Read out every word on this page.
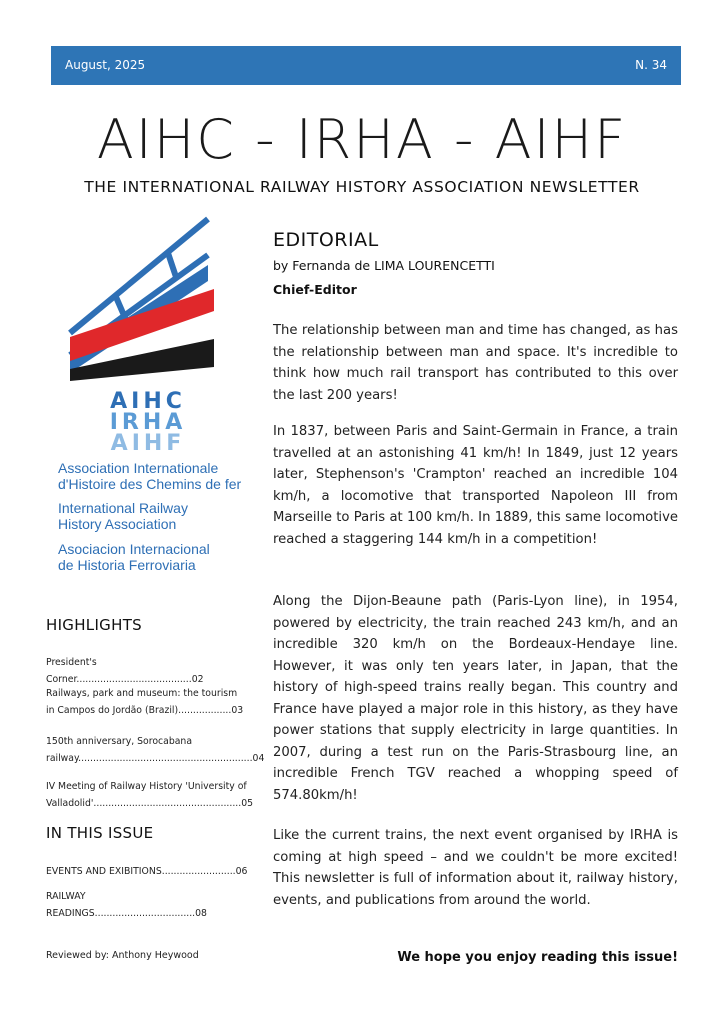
August, 2025	N. 34
AIHC - IRHA - AIHF
THE INTERNATIONAL RAILWAY HISTORY ASSOCIATION NEWSLETTER
AIHC
IRHA
AIHF
Association Internationale
d'Histoire des Chemins de fer
International Railway
History Association
Asociacion Internacional
de Historia Ferroviaria
HIGHLIGHTS
President's Corner.......................................02
Railways, park and museum: the tourism in Campos do Jordão (Brazil)..................03
150th anniversary, Sorocabana railway...........................................................04
IV Meeting of Railway History 'University of Valladolid'..................................................05
IN THIS ISSUE
EVENTS AND EXIBITIONS.........................06
RAILWAY READINGS..................................08
EDITORIAL
by Fernanda de LIMA LOURENCETTI
Chief-Editor
The relationship between man and time has changed, as has the relationship between man and space. It's incredible to think how much rail transport has contributed to this over the last 200 years!
In 1837, between Paris and Saint-Germain in France, a train travelled at an astonishing 41 km/h! In 1849, just 12 years later, Stephenson's 'Crampton' reached an incredible 104 km/h, a locomotive that transported Napoleon III from Marseille to Paris at 100 km/h. In 1889, this same locomotive reached a staggering 144 km/h in a competition!
Along the Dijon-Beaune path (Paris-Lyon line), in 1954, powered by electricity, the train reached 243 km/h, and an incredible 320 km/h on the Bordeaux-Hendaye line. However, it was only ten years later, in Japan, that the history of high-speed trains really began. This country and France have played a major role in this history, as they have power stations that supply electricity in large quantities. In 2007, during a test run on the Paris-Strasbourg line, an incredible French TGV reached a whopping speed of 574.80km/h!
Like the current trains, the next event organised by IRHA is coming at high speed – and we couldn't be more excited! This newsletter is full of information about it, railway history, events, and publications from around the world.
Reviewed by: Anthony Heywood	We hope you enjoy reading this issue!
